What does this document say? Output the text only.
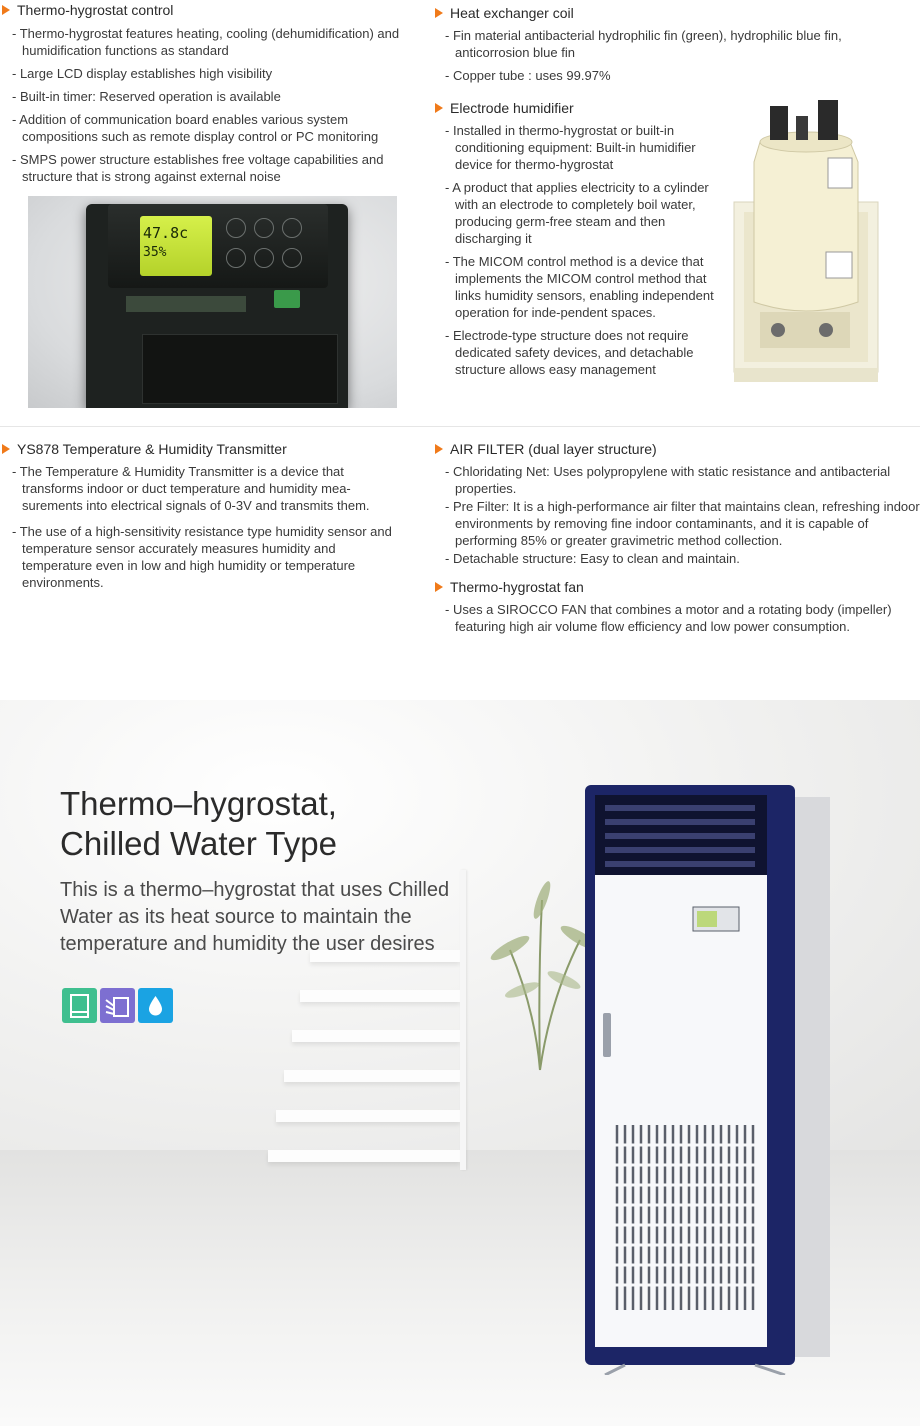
Thermo-hygrostat control
- Thermo-hygrostat features heating, cooling (dehumidification) and humidification functions as standard
- Large LCD display establishes high visibility
- Built-in timer: Reserved operation is available
- Addition of communication board enables various system compositions such as remote display control or PC monitoring
- SMPS power structure establishes free voltage capabilities and structure that is strong against external noise
47.8c 35%
Heat exchanger coil
- Fin material antibacterial hydrophilic fin (green), hydrophilic blue fin, anticorrosion blue fin
- Copper tube : uses 99.97%
Electrode humidifier
- Installed in thermo-hygrostat or built-in conditioning equipment: Built-in humidifier device for thermo-hygrostat
- A product that applies electricity to a cylinder with an electrode to completely boil water, producing germ-free steam and then discharging it
- The MICOM control method is a device that implements the MICOM control method that links humidity sensors, enabling independent operation for inde-pendent spaces.
- Electrode-type structure does not require dedicated safety devices, and detachable structure allows easy management
YS878 Temperature & Humidity Transmitter
- The Temperature & Humidity Transmitter is a device that transforms indoor or duct temperature and humidity mea-surements into electrical signals of 0-3V and transmits them.
- The use of a high-sensitivity resistance type humidity sensor and temperature sensor accurately measures humidity and temperature even in low and high humidity or temperature environments.
AIR FILTER (dual layer structure)
- Chloridating Net: Uses polypropylene with static resistance and antibacterial properties.
- Pre Filter: It is a high-performance air filter that maintains clean, refreshing indoor environments by removing fine indoor contaminants, and it is capable of performing 85% or greater gravimetric method collection.
- Detachable structure: Easy to clean and maintain.
Thermo-hygrostat fan
- Uses a SIROCCO FAN that combines a motor and a rotating body (impeller) featuring high air volume flow efficiency and low power consumption.
Thermo–hygrostat,
Chilled Water Type
This is a thermo–hygrostat that uses Chilled
Water as its heat source to maintain the
temperature and humidity the user desires
